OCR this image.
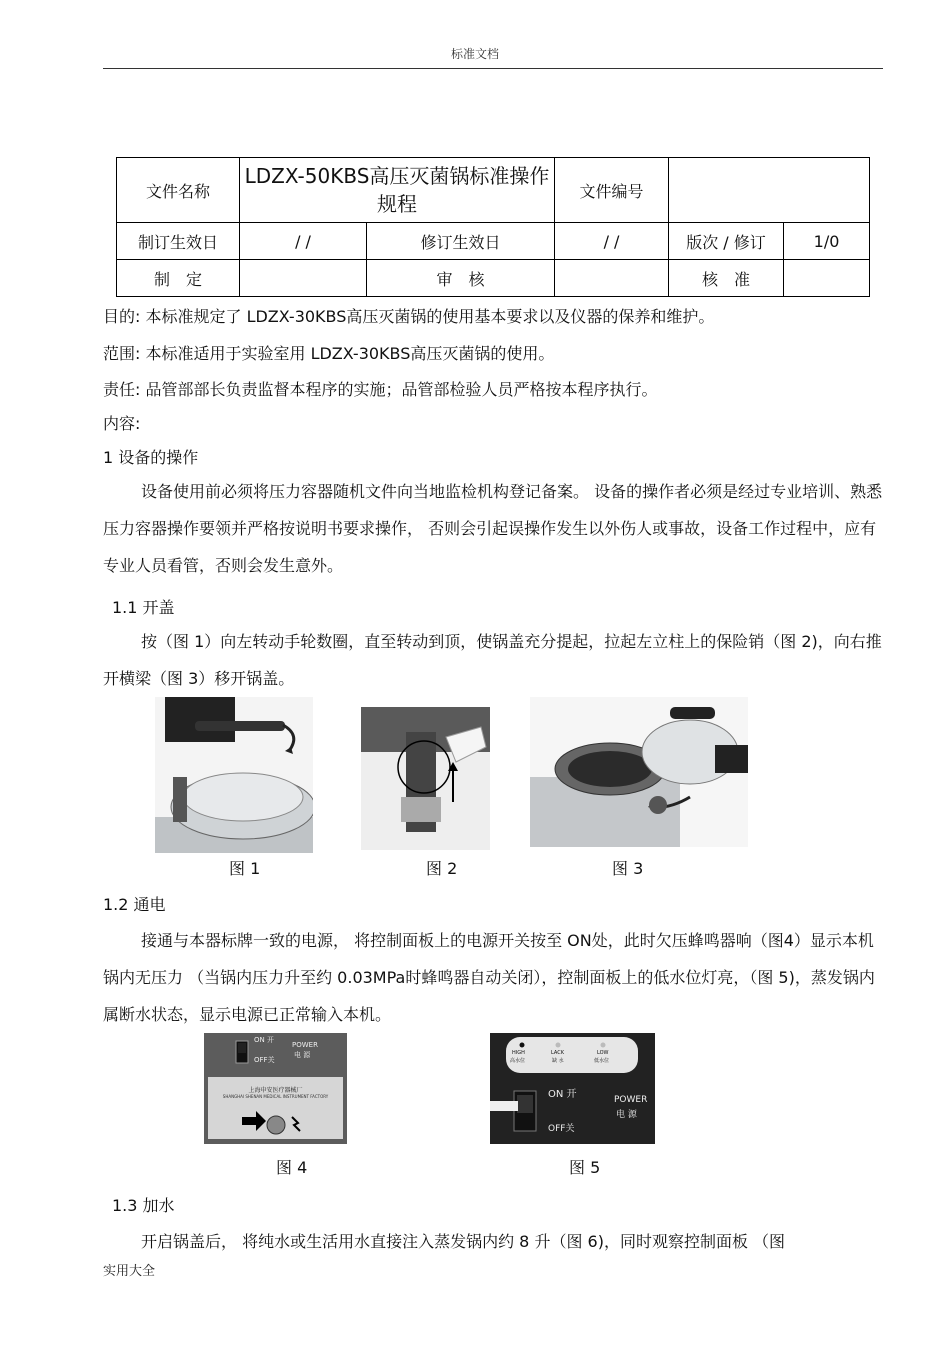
标准文档
文件名称	LDZX-50KBS高压灭菌锅标准操作规程		文件编号		
制订生效日	/ /	修订生效日	/ /	版次 / 修订	1/0
制　定		审　核		核　准	

目的: 本标准规定了 LDZX-30KBS高压灭菌锅的使用基本要求以及仪器的保养和维护。

范围: 本标准适用于实验室用 LDZX-30KBS高压灭菌锅的使用。

责任: 品管部部长负责监督本程序的实施；品管部检验人员严格按本程序执行。

内容:

1 设备的操作

设备使用前必须将压力容器随机文件向当地监检机构登记备案。 设备的操作者必须是经过专业培训、熟悉压力容器操作要领并严格按说明书要求操作， 否则会引起误操作发生以外伤人或事故，设备工作过程中，应有专业人员看管，否则会发生意外。

1.1 开盖

按（图 1）向左转动手轮数圈，直至转动到顶，使锅盖充分提起，拉起左立柱上的保险销（图 2)，向右推开横梁（图 3）移开锅盖。

图 1	图 2	图 3

1.2 通电

接通与本器标牌一致的电源， 将控制面板上的电源开关按至 ON处，此时欠压蜂鸣器响（图4）显示本机锅内无压力 （当锅内压力升至约 0.03MPa时蜂鸣器自动关闭），控制面板上的低水位灯亮，（图 5)，蒸发锅内属断水状态，显示电源已正常输入本机。

ON 开
OFF关
POWER
电 源
上海申安医疗器械厂
SHANGHAI SHENAN MEDICAL INSTRUMENT FACTORY
图 4
HIGH
高水位
LACK
缺 水
LOW
低水位
ON 开
OFF关
POWER
电 源
图 5

1.3 加水

开启锅盖后， 将纯水或生活用水直接注入蒸发锅内约 8 升（图 6)，同时观察控制面板 （图

实用大全
